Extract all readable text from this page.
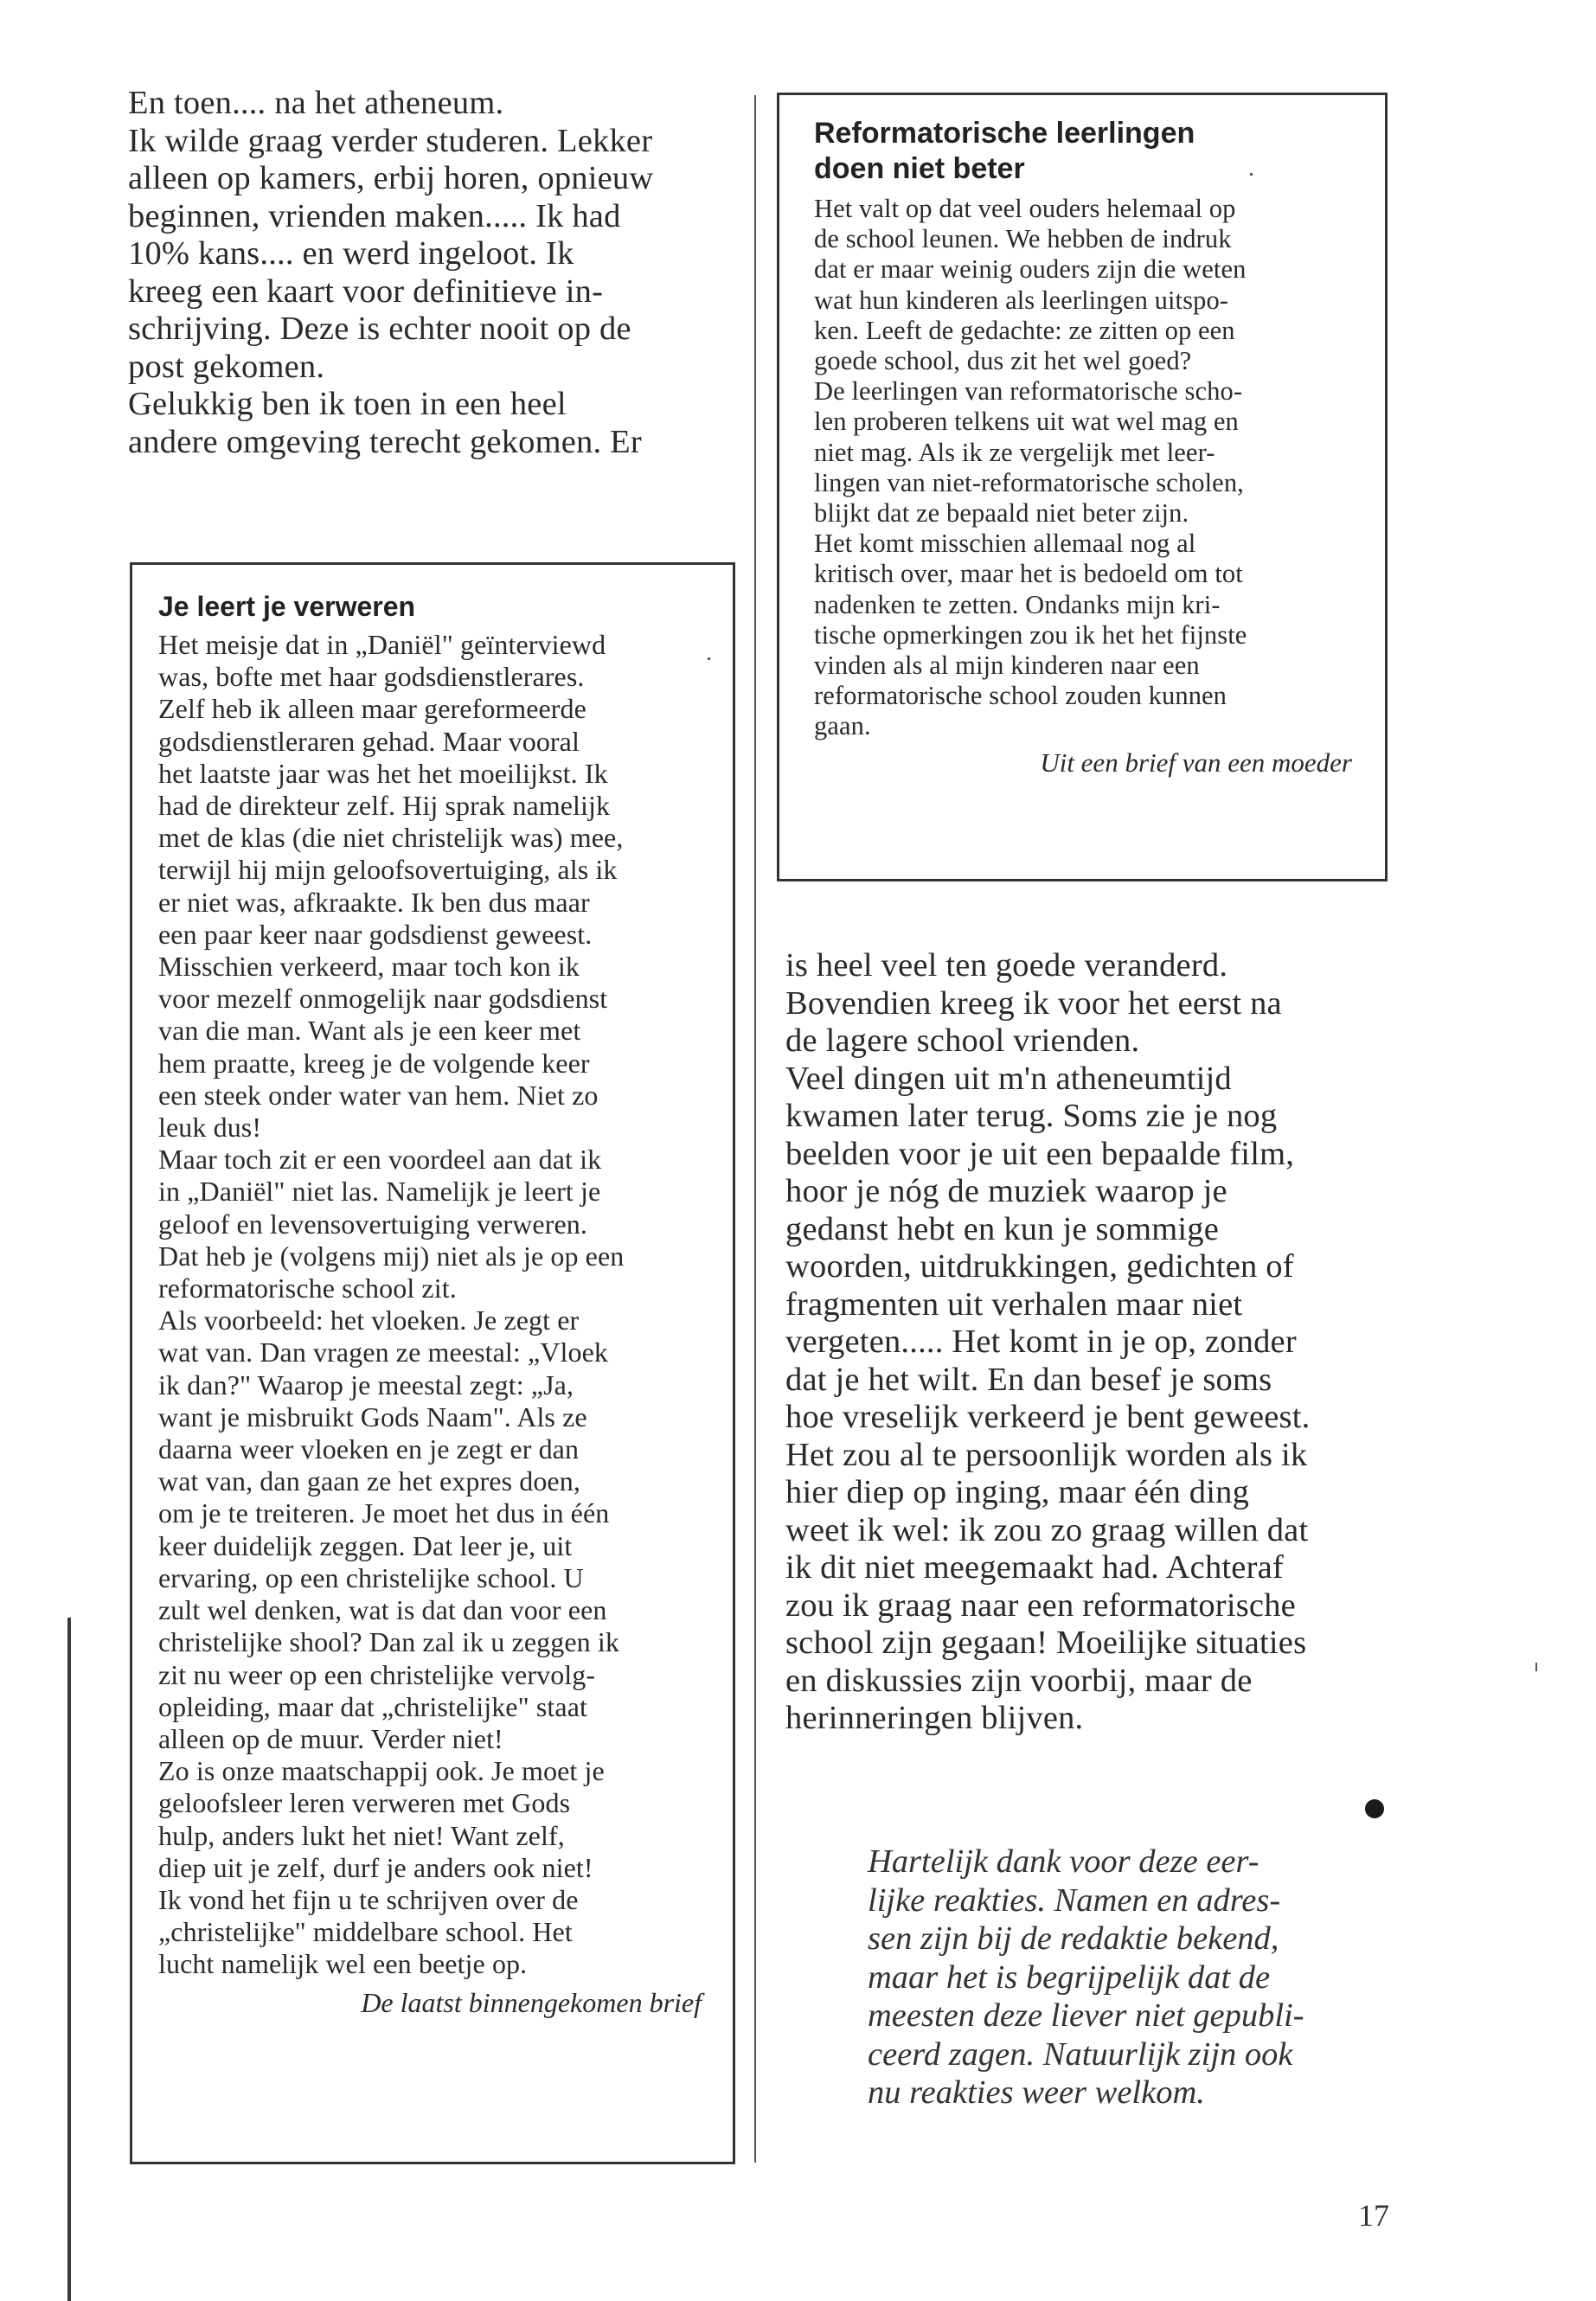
En toen.... na het atheneum.

Ik wilde graag verder studeren. Lekker

alleen op kamers, erbij horen, opnieuw

beginnen, vrienden maken..... Ik had

10% kans.... en werd ingeloot. Ik

kreeg een kaart voor definitieve in-

schrijving. Deze is echter nooit op de

post gekomen.

Gelukkig ben ik toen in een heel

andere omgeving terecht gekomen. Er

Je leert je verweren

Het meisje dat in „Daniël" geïnterviewd

was, bofte met haar godsdienstlerares.

Zelf heb ik alleen maar gereformeerde

godsdienstleraren gehad. Maar vooral

het laatste jaar was het het moeilijkst. Ik

had de direkteur zelf. Hij sprak namelijk

met de klas (die niet christelijk was) mee,

terwijl hij mijn geloofsovertuiging, als ik

er niet was, afkraakte. Ik ben dus maar

een paar keer naar godsdienst geweest.

Misschien verkeerd, maar toch kon ik

voor mezelf onmogelijk naar godsdienst

van die man. Want als je een keer met

hem praatte, kreeg je de volgende keer

een steek onder water van hem. Niet zo

leuk dus!

Maar toch zit er een voordeel aan dat ik

in „Daniël" niet las. Namelijk je leert je

geloof en levensovertuiging verweren.

Dat heb je (volgens mij) niet als je op een

reformatorische school zit.

Als voorbeeld: het vloeken. Je zegt er

wat van. Dan vragen ze meestal: „Vloek

ik dan?" Waarop je meestal zegt: „Ja,

want je misbruikt Gods Naam". Als ze

daarna weer vloeken en je zegt er dan

wat van, dan gaan ze het expres doen,

om je te treiteren. Je moet het dus in één

keer duidelijk zeggen. Dat leer je, uit

ervaring, op een christelijke school. U

zult wel denken, wat is dat dan voor een

christelijke shool? Dan zal ik u zeggen ik

zit nu weer op een christelijke vervolg-

opleiding, maar dat „christelijke" staat

alleen op de muur. Verder niet!

Zo is onze maatschappij ook. Je moet je

geloofsleer leren verweren met Gods

hulp, anders lukt het niet! Want zelf,

diep uit je zelf, durf je anders ook niet!

Ik vond het fijn u te schrijven over de

„christelijke" middelbare school. Het

lucht namelijk wel een beetje op.

De laatst binnengekomen brief
Reformatorische leerlingen
doen niet beter

Het valt op dat veel ouders helemaal op

de school leunen. We hebben de indruk

dat er maar weinig ouders zijn die weten

wat hun kinderen als leerlingen uitspo-

ken. Leeft de gedachte: ze zitten op een

goede school, dus zit het wel goed?

De leerlingen van reformatorische scho-

len proberen telkens uit wat wel mag en

niet mag. Als ik ze vergelijk met leer-

lingen van niet-reformatorische scholen,

blijkt dat ze bepaald niet beter zijn.

Het komt misschien allemaal nog al

kritisch over, maar het is bedoeld om tot

nadenken te zetten. Ondanks mijn kri-

tische opmerkingen zou ik het het fijnste

vinden als al mijn kinderen naar een

reformatorische school zouden kunnen

gaan.

Uit een brief van een moeder

is heel veel ten goede veranderd.

Bovendien kreeg ik voor het eerst na

de lagere school vrienden.

Veel dingen uit m'n atheneumtijd

kwamen later terug. Soms zie je nog

beelden voor je uit een bepaalde film,

hoor je nóg de muziek waarop je

gedanst hebt en kun je sommige

woorden, uitdrukkingen, gedichten of

fragmenten uit verhalen maar niet

vergeten..... Het komt in je op, zonder

dat je het wilt. En dan besef je soms

hoe vreselijk verkeerd je bent geweest.

Het zou al te persoonlijk worden als ik

hier diep op inging, maar één ding

weet ik wel: ik zou zo graag willen dat

ik dit niet meegemaakt had. Achteraf

zou ik graag naar een reformatorische

school zijn gegaan! Moeilijke situaties

en diskussies zijn voorbij, maar de

herinneringen blijven.

Hartelijk dank voor deze eer-

lijke reakties. Namen en adres-

sen zijn bij de redaktie bekend,

maar het is begrijpelijk dat de

meesten deze liever niet gepubli-

ceerd zagen. Natuurlijk zijn ook

nu reakties weer welkom.

17
